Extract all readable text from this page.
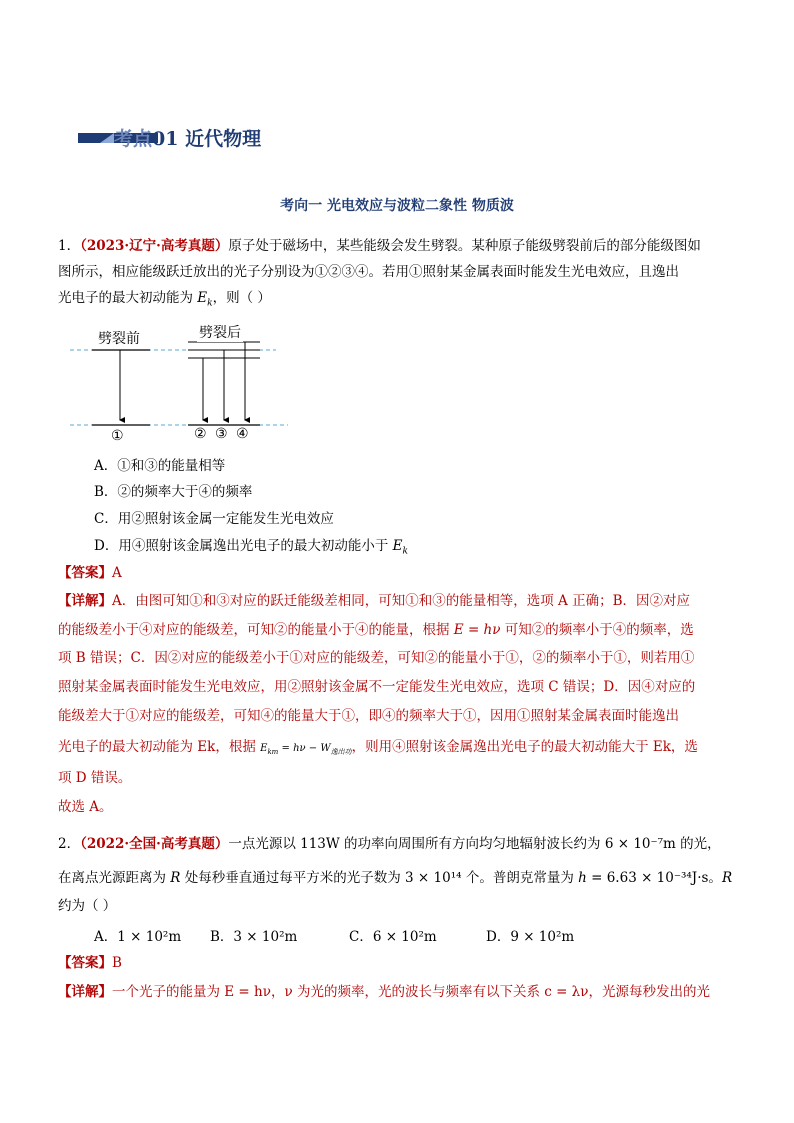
考点01 近代物理
考向一 光电效应与波粒二象性 物质波
1．（2023·辽宁·高考真题）原子处于磁场中，某些能级会发生劈裂。某种原子能级劈裂前后的部分能级图如
图所示，相应能级跃迁放出的光子分别设为①②③④。若用①照射某金属表面时能发生光电效应，且逸出
光电子的最大初动能为 $E_k$，则（ ）
劈裂前	劈裂后
①	② ③ ④
A．①和③的能量相等
B．②的频率大于④的频率
C．用②照射该金属一定能发生光电效应
D．用④照射该金属逸出光电子的最大初动能小于 $E_k$
【答案】A
【详解】A．由图可知①和③对应的跃迁能级差相同，可知①和③的能量相等，选项 A 正确；B．因②对应
的能级差小于④对应的能级差，可知②的能量小于④的能量，根据 E = hν 可知②的频率小于④的频率，选
项 B 错误；C．因②对应的能级差小于①对应的能级差，可知②的能量小于①，②的频率小于①，则若用①
照射某金属表面时能发生光电效应，用②照射该金属不一定能发生光电效应，选项 C 错误；D．因④对应的
能级差大于①对应的能级差，可知④的能量大于①，即④的频率大于①，因用①照射某金属表面时能逸出
光电子的最大初动能为 Ek，根据 $E_{km} = h\nu - W_{逸出功}$，则用④照射该金属逸出光电子的最大初动能大于 Ek，选
项 D 错误。
故选 A。
2．（2022·全国·高考真题）一点光源以 113W 的功率向周围所有方向均匀地辐射波长约为 6 × 10⁻⁷m 的光，
在离点光源距离为 R 处每秒垂直通过每平方米的光子数为 3 × 10¹⁴ 个。普朗克常量为 h = 6.63 × 10⁻³⁴J·s。R
约为（ ）
A．1 × 10²m B．3 × 10²m	C．6 × 10²m	D．9 × 10²m
【答案】B
【详解】一个光子的能量为 E = hν，ν 为光的频率，光的波长与频率有以下关系 c = λν，光源每秒发出的光
